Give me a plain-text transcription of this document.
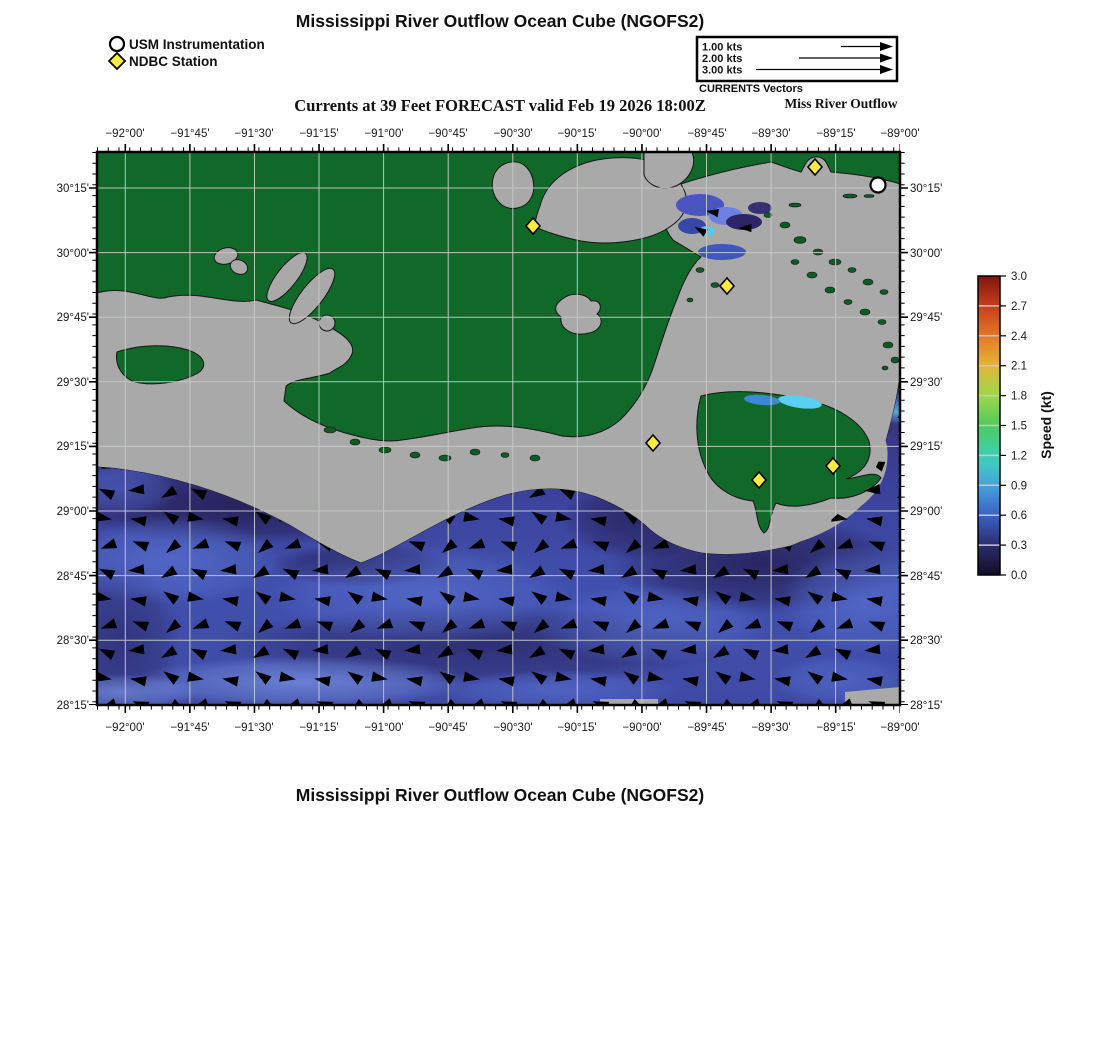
Mississippi River Outflow Ocean Cube (NGOFS2)
Currents at 39 Feet FORECAST valid Feb 19 2026 18:00Z
USM Instrumentation
NDBC Station
1.00 kts
2.00 kts
3.00 kts
CURRENTS Vectors
Miss River Outflow
−92°00' −91°45' −91°30' −91°15' −91°00' −90°45' −90°30' −90°15' −90°00' −89°45' −89°30' −89°15' −89°00'
−92°00' −91°45' −91°30' −91°15' −91°00' −90°45' −90°30' −90°15' −90°00' −89°45' −89°30' −89°15' −89°00'
30°15'
30°00'
29°45'
29°30'
29°15'
29°00'
28°45'
28°30'
28°15'
30°15'
30°00'
29°45'
29°30'
29°15'
29°00'
28°45'
28°30'
28°15'
3.0
2.7
2.4
2.1
1.8
1.5
1.2
0.9
0.6
0.3
0.0
Speed (kt)
Mississippi River Outflow Ocean Cube (NGOFS2)
